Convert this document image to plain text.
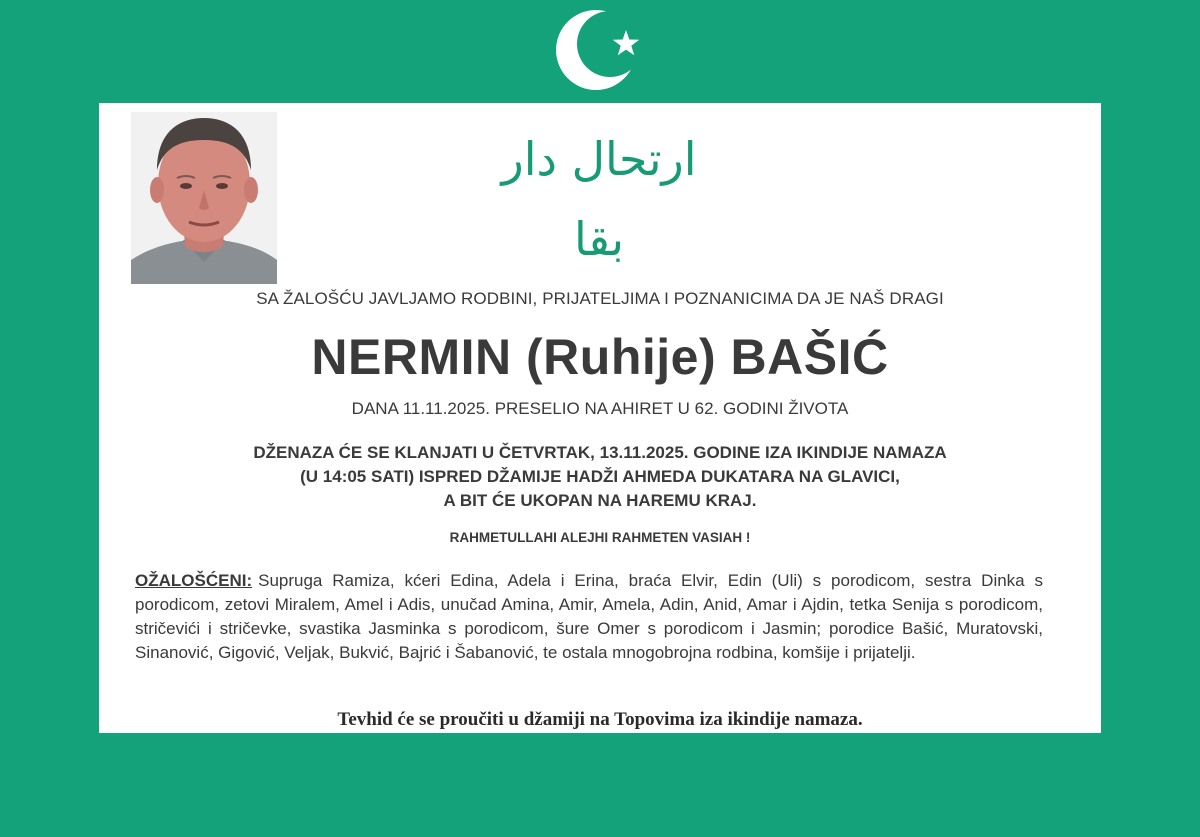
ارتحال دار بقا
SA ŽALOŠĆU JAVLJAMO RODBINI, PRIJATELJIMA I POZNANICIMA DA JE NAŠ DRAGI
NERMIN (Ruhije) BAŠIĆ
DANA 11.11.2025. PRESELIO NA AHIRET U 62. GODINI ŽIVOTA
DŽENAZA ĆE SE KLANJATI U ČETVRTAK, 13.11.2025. GODINE IZA IKINDIJE NAMAZA
(U 14:05 SATI) ISPRED DŽAMIJE HADŽI AHMEDA DUKATARA NA GLAVICI,
A BIT ĆE UKOPAN NA HAREMU KRAJ.
RAHMETULLAHI ALEJHI RAHMETEN VASIAH !
OŽALOŠĆENI: Supruga Ramiza, kćeri Edina, Adela i Erina, braća Elvir, Edin (Uli) s porodicom, sestra Dinka s porodicom, zetovi Miralem, Amel i Adis, unučad Amina, Amir, Amela, Adin, Anid, Amar i Ajdin, tetka Senija s porodicom, stričevići i stričevke, svastika Jasminka s porodicom, šure Omer s porodicom i Jasmin; porodice Bašić, Muratovski, Sinanović, Gigović, Veljak, Bukvić, Bajrić i Šabanović, te ostala mnogobrojna rodbina, komšije i prijatelji.
Tevhid će se proučiti u džamiji na Topovima iza ikindije namaza.
